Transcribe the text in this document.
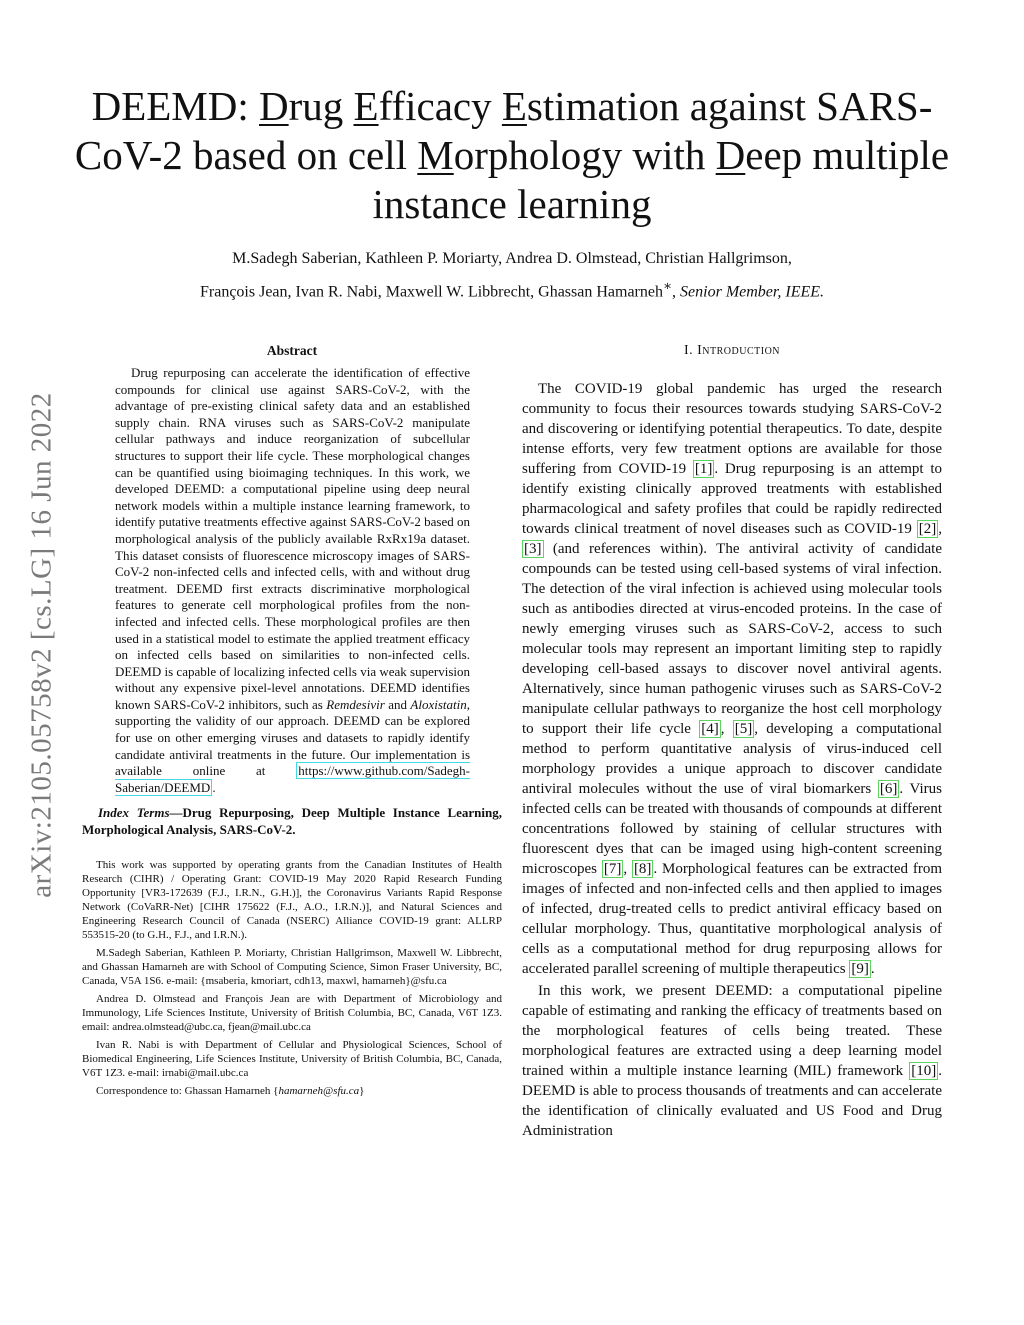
arXiv:2105.05758v2 [cs.LG] 16 Jun 2022
DEEMD: Drug Efficacy Estimation against SARS-CoV-2 based on cell Morphology with Deep multiple instance learning
M.Sadegh Saberian, Kathleen P. Moriarty, Andrea D. Olmstead, Christian Hallgrimson,
François Jean, Ivan R. Nabi, Maxwell W. Libbrecht, Ghassan Hamarneh∗, Senior Member, IEEE.
Abstract

Drug repurposing can accelerate the identification of effective compounds for clinical use against SARS-CoV-2, with the advantage of pre-existing clinical safety data and an established supply chain. RNA viruses such as SARS-CoV-2 manipulate cellular pathways and induce reorganization of subcellular structures to support their life cycle. These morphological changes can be quantified using bioimaging techniques. In this work, we developed DEEMD: a computational pipeline using deep neural network models within a multiple instance learning framework, to identify putative treatments effective against SARS-CoV-2 based on morphological analysis of the publicly available RxRx19a dataset. This dataset consists of fluorescence microscopy images of SARS-CoV-2 non-infected cells and infected cells, with and without drug treatment. DEEMD first extracts discriminative morphological features to generate cell morphological profiles from the non-infected and infected cells. These morphological profiles are then used in a statistical model to estimate the applied treatment efficacy on infected cells based on similarities to non-infected cells. DEEMD is capable of localizing infected cells via weak supervision without any expensive pixel-level annotations. DEEMD identifies known SARS-CoV-2 inhibitors, such as Remdesivir and Aloxistatin, supporting the validity of our approach. DEEMD can be explored for use on other emerging viruses and datasets to rapidly identify candidate antiviral treatments in the future. Our implementation is available online at https://www.github.com/Sadegh-Saberian/DEEMD .

Index Terms—Drug Repurposing, Deep Multiple Instance Learning, Morphological Analysis, SARS-CoV-2.

This work was supported by operating grants from the Canadian Institutes of Health Research (CIHR) / Operating Grant: COVID-19 May 2020 Rapid Research Funding Opportunity [VR3-172639 (F.J., I.R.N., G.H.)], the Coronavirus Variants Rapid Response Network (CoVaRR-Net) [CIHR 175622 (F.J., A.O., I.R.N.)], and Natural Sciences and Engineering Research Council of Canada (NSERC) Alliance COVID-19 grant: ALLRP 553515-20 (to G.H., F.J., and I.R.N.).

M.Sadegh Saberian, Kathleen P. Moriarty, Christian Hallgrimson, Maxwell W. Libbrecht, and Ghassan Hamarneh are with School of Computing Science, Simon Fraser University, BC, Canada, V5A 1S6. e-mail: {msaberia, kmoriart, cdh13, maxwl, hamarneh}@sfu.ca

Andrea D. Olmstead and François Jean are with Department of Microbiology and Immunology, Life Sciences Institute, University of British Columbia, BC, Canada, V6T 1Z3. email: andrea.olmstead@ubc.ca, fjean@mail.ubc.ca

Ivan R. Nabi is with Department of Cellular and Physiological Sciences, School of Biomedical Engineering, Life Sciences Institute, University of British Columbia, BC, Canada, V6T 1Z3. e-mail: irnabi@mail.ubc.ca

Correspondence to: Ghassan Hamarneh {hamarneh@sfu.ca}

I. Introduction

The COVID-19 global pandemic has urged the research community to focus their resources towards studying SARS-CoV-2 and discovering or identifying potential therapeutics. To date, despite intense efforts, very few treatment options are available for those suffering from COVID-19 [1] . Drug repurposing is an attempt to identify existing clinically approved treatments with established pharmacological and safety profiles that could be rapidly redirected towards clinical treatment of novel diseases such as COVID-19 [2] , [3] (and references within). The antiviral activity of candidate compounds can be tested using cell-based systems of viral infection. The detection of the viral infection is achieved using molecular tools such as antibodies directed at virus-encoded proteins. In the case of newly emerging viruses such as SARS-CoV-2, access to such molecular tools may represent an important limiting step to rapidly developing cell-based assays to discover novel antiviral agents. Alternatively, since human pathogenic viruses such as SARS-CoV-2 manipulate cellular pathways to reorganize the host cell morphology to support their life cycle [4] , [5] , developing a computational method to perform quantitative analysis of virus-induced cell morphology provides a unique approach to discover candidate antiviral molecules without the use of viral biomarkers [6] . Virus infected cells can be treated with thousands of compounds at different concentrations followed by staining of cellular structures with fluorescent dyes that can be imaged using high-content screening microscopes [7] , [8] . Morphological features can be extracted from images of infected and non-infected cells and then applied to images of infected, drug-treated cells to predict antiviral efficacy based on cellular morphology. Thus, quantitative morphological analysis of cells as a computational method for drug repurposing allows for accelerated parallel screening of multiple therapeutics [9] .

In this work, we present DEEMD: a computational pipeline capable of estimating and ranking the efficacy of treatments based on the morphological features of cells being treated. These morphological features are extracted using a deep learning model trained within a multiple instance learning (MIL) framework [10] . DEEMD is able to process thousands of treatments and can accelerate the identification of clinically evaluated and US Food and Drug Administration
